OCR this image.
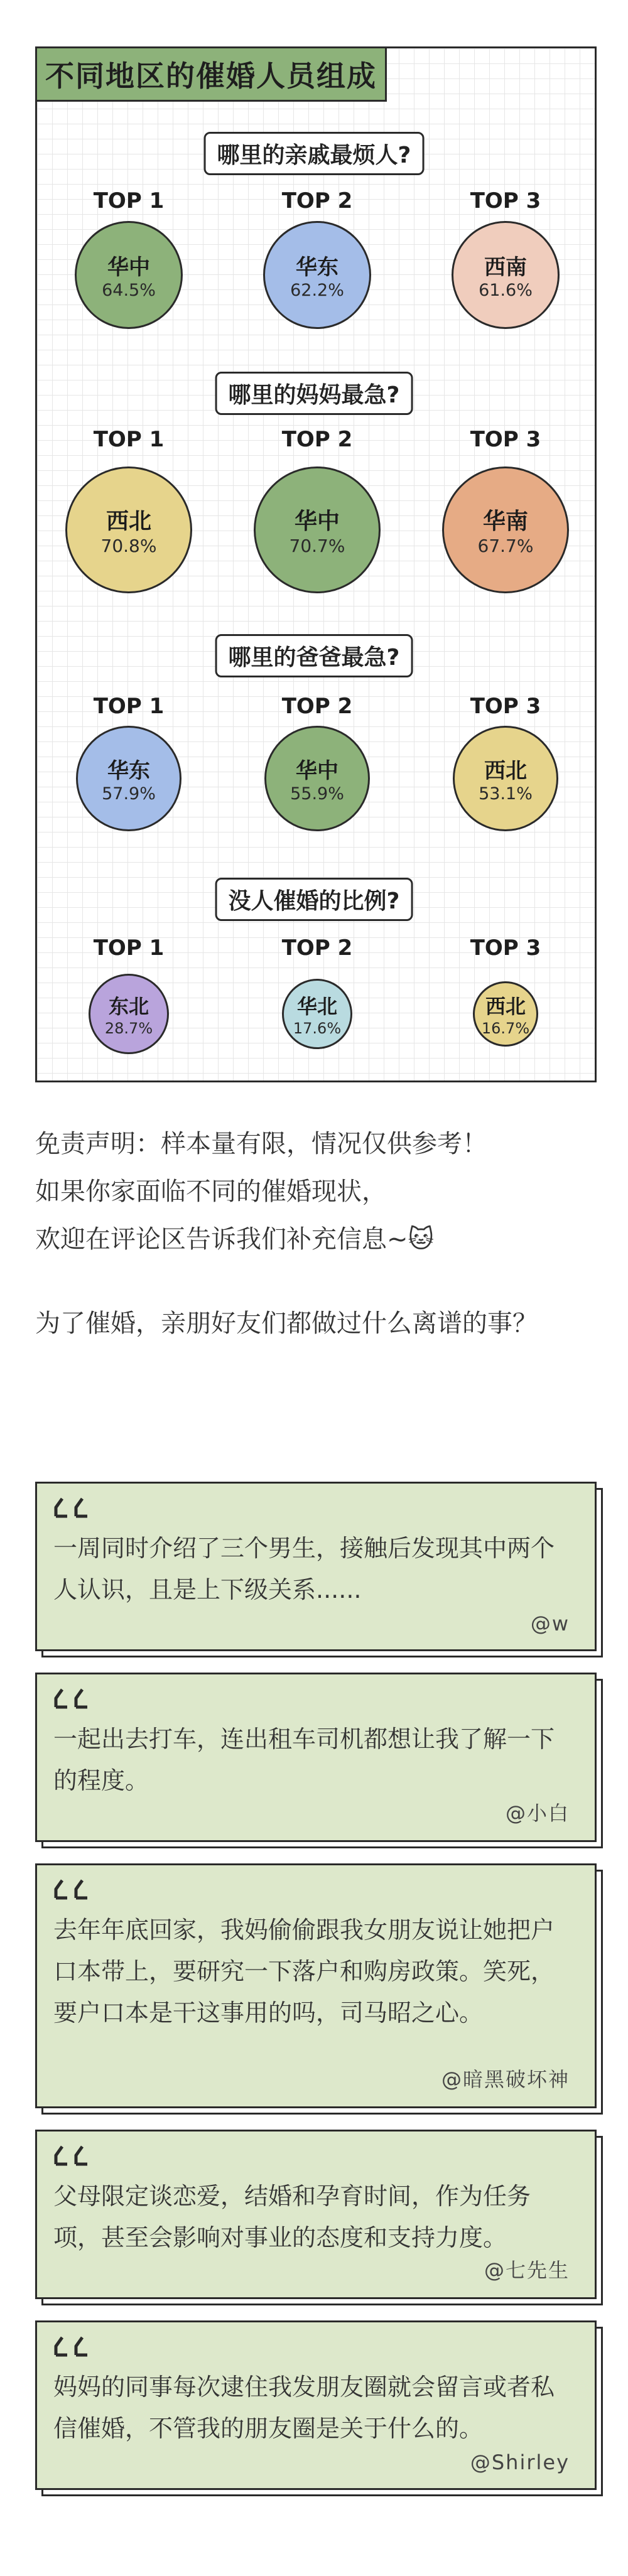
不同地区的催婚人员组成
哪里的亲戚最烦人?
TOP 1
华中
64.5%
TOP 2
华东
62.2%
TOP 3
西南
61.6%
哪里的妈妈最急?
TOP 1
西北
70.8%
TOP 2
华中
70.7%
TOP 3
华南
67.7%
哪里的爸爸最急?
TOP 1
华东
57.9%
TOP 2
华中
55.9%
TOP 3
西北
53.1%
没人催婚的比例?
TOP 1
东北
28.7%
TOP 2
华北
17.6%
TOP 3
西北
16.7%
免责声明：样本量有限，情况仅供参考！
如果你家面临不同的催婚现状，
欢迎在评论区告诉我们补充信息~🐱
为了催婚，亲朋好友们都做过什么离谱的事？
一周同时介绍了三个男生，接触后发现其中两个人认识，且是上下级关系......
@w
一起出去打车，连出租车司机都想让我了解一下的程度。
@小白
去年年底回家，我妈偷偷跟我女朋友说让她把户口本带上，要研究一下落户和购房政策。笑死，要户口本是干这事用的吗，司马昭之心。
@暗黑破坏神
父母限定谈恋爱，结婚和孕育时间，作为任务项，甚至会影响对事业的态度和支持力度。
@七先生
妈妈的同事每次逮住我发朋友圈就会留言或者私信催婚，不管我的朋友圈是关于什么的。
@Shirley
